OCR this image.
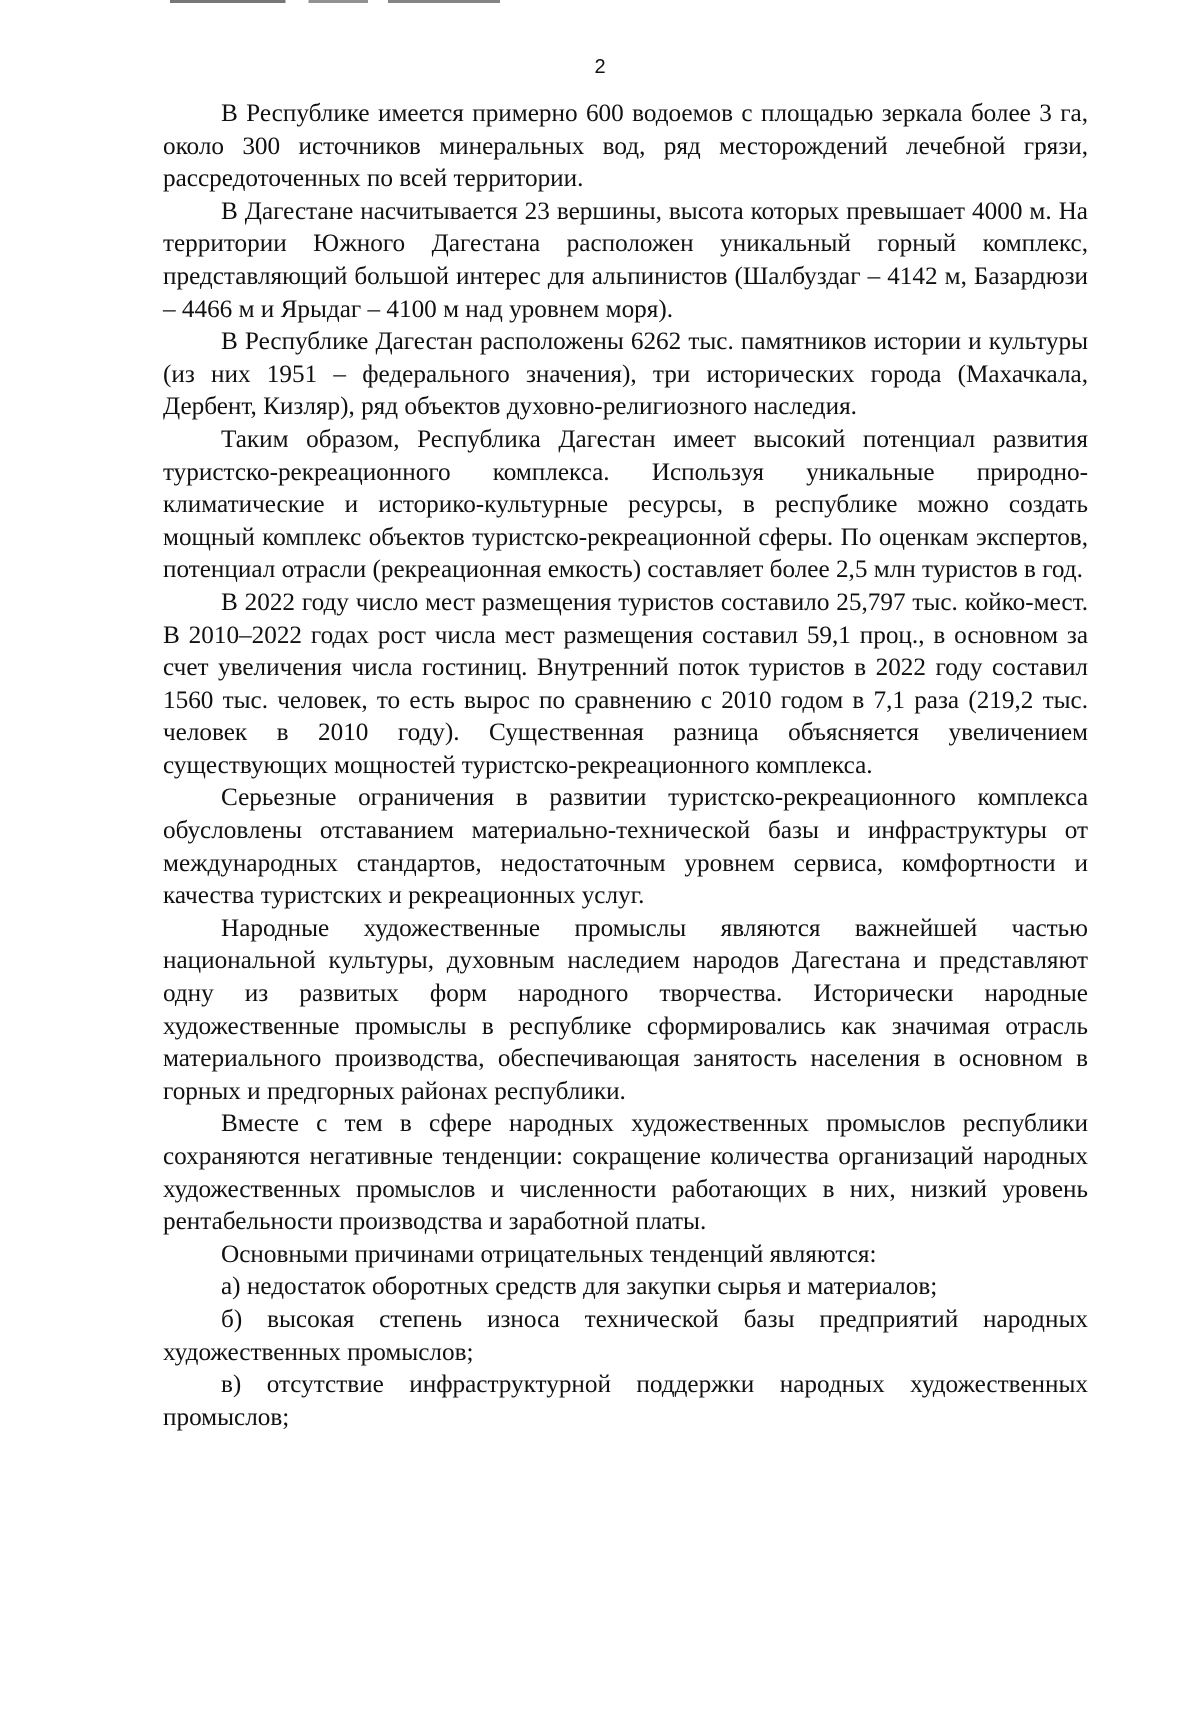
2

В Республике имеется примерно 600 водоемов с площадью зеркала более 3 га, около 300 источников минеральных вод, ряд месторождений лечебной грязи, рассредоточенных по всей территории.

В Дагестане насчитывается 23 вершины, высота которых превышает 4000 м. На территории Южного Дагестана расположен уникальный горный комплекс, представляющий большой интерес для альпинистов (Шалбуздаг – 4142 м, Базардюзи – 4466 м и Ярыдаг – 4100 м над уровнем моря).

В Республике Дагестан расположены 6262 тыс. памятников истории и культуры (из них 1951 – федерального значения), три исторических города (Махачкала, Дербент, Кизляр), ряд объектов духовно-религиозного наследия.

Таким образом, Республика Дагестан имеет высокий потенциал развития туристско-рекреационного комплекса. Используя уникальные природно-климатические и историко-культурные ресурсы, в республике можно создать мощный комплекс объектов туристско-рекреационной сферы. По оценкам экспертов, потенциал отрасли (рекреационная емкость) составляет более 2,5 млн туристов в год.

В 2022 году число мест размещения туристов составило 25,797 тыс. койко-мест. В 2010–2022 годах рост числа мест размещения составил 59,1 проц., в основном за счет увеличения числа гостиниц. Внутренний поток туристов в 2022 году составил 1560 тыс. человек, то есть вырос по сравнению с 2010 годом в 7,1 раза (219,2 тыс. человек в 2010 году). Существенная разница объясняется увеличением существующих мощностей туристско-рекреационного комплекса.

Серьезные ограничения в развитии туристско-рекреационного комплекса обусловлены отставанием материально-технической базы и инфраструктуры от международных стандартов, недостаточным уровнем сервиса, комфортности и качества туристских и рекреационных услуг.

Народные художественные промыслы являются важнейшей частью национальной культуры, духовным наследием народов Дагестана и представляют одну из развитых форм народного творчества. Исторически народные художественные промыслы в республике сформировались как значимая отрасль материального производства, обеспечивающая занятость населения в основном в горных и предгорных районах республики.

Вместе с тем в сфере народных художественных промыслов республики сохраняются негативные тенденции: сокращение количества организаций народных художественных промыслов и численности работающих в них, низкий уровень рентабельности производства и заработной платы.

Основными причинами отрицательных тенденций являются:

а) недостаток оборотных средств для закупки сырья и материалов;

б) высокая степень износа технической базы предприятий народных художественных промыслов;

в) отсутствие инфраструктурной поддержки народных художественных промыслов;
